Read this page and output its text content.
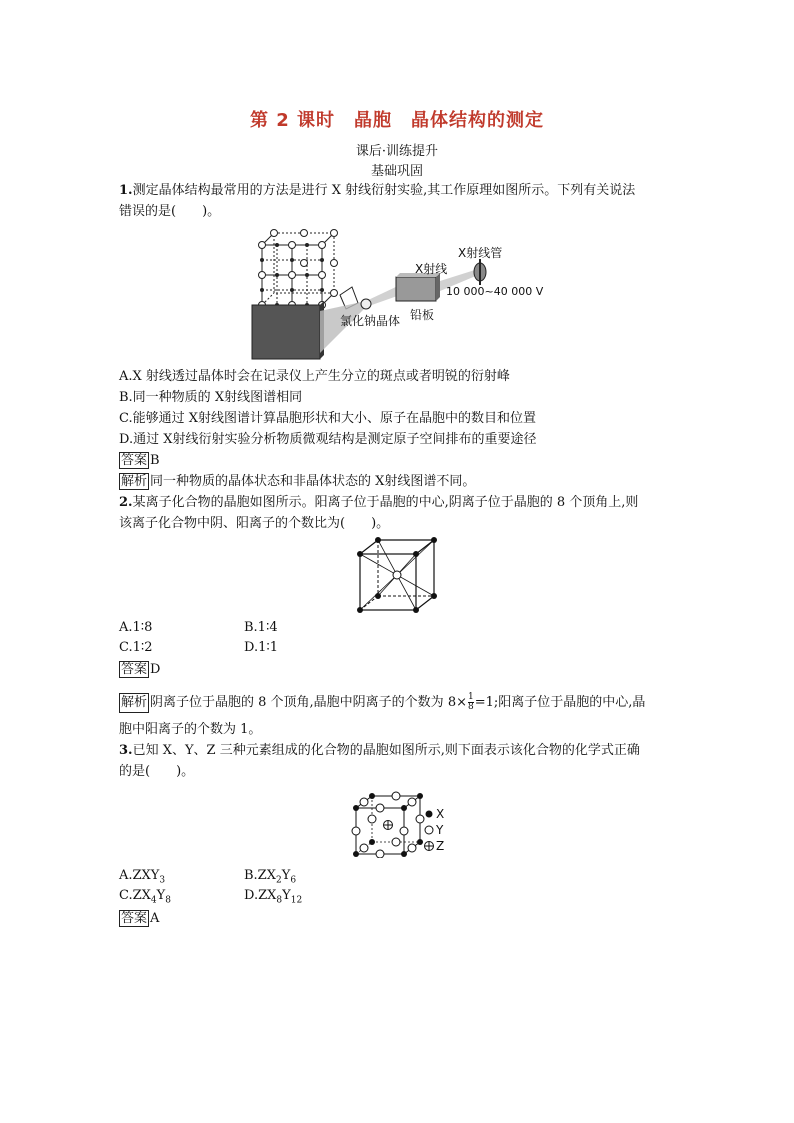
第 2 课时　晶胞　晶体结构的测定
课后·训练提升
基础巩固
1.测定晶体结构最常用的方法是进行 X 射线衍射实验,其工作原理如图所示。下列有关说法
错误的是(　　)。
X射线管
X射线
10 000~40 000 V
氯化钠晶体 铅板
A.X 射线透过晶体时会在记录仪上产生分立的斑点或者明锐的衍射峰
B.同一种物质的 X射线图谱相同
C.能够通过 X射线图谱计算晶胞形状和大小、原子在晶胞中的数目和位置
D.通过 X射线衍射实验分析物质微观结构是测定原子空间排布的重要途径
答案 B
解析 同一种物质的晶体状态和非晶体状态的 X射线图谱不同。
2.某离子化合物的晶胞如图所示。阳离子位于晶胞的中心,阴离子位于晶胞的 8 个顶角上,则
该离子化合物中阴、阳离子的个数比为(　　)。
A.1∶8	B.1∶4
C.1∶2	D.1∶1
答案 D
解析 阴离子位于晶胞的 8 个顶角,晶胞中阴离子的个数为 $8\times \frac{1}{8} =1$;阳离子位于晶胞的中心,晶
胞中阳离子的个数为 1。
3.已知 X、Y、Z 三种元素组成的化合物的晶胞如图所示,则下面表示该化合物的化学式正确
的是(　　)。
X
Y
Z
$A.ZXY_3$	$B.ZX_2Y_6$
$C.ZX_4Y_8$	$D.ZX_8Y_{12}$
答案 A
